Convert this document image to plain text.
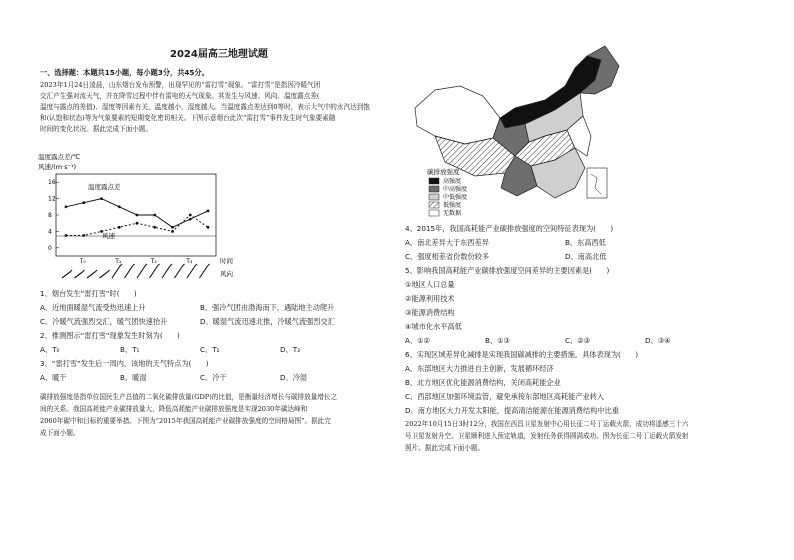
2024届高三地理试题
一、选择题：本题共15小题，每小题3分，共45分。
2023年1月24日凌晨，山东烟台发布预警，出现罕见的“雷打雪”现象。“雷打雪”是指因冷暖气团
交汇产生强对流天气，并在降雪过程中伴有雷电的天气现象。其发生与风速、风向、温度露点差(
温度与露点的差值)、湿度等因素有关，温度越小，湿度越大。当温度露点差达到0等时，表示大气中的水汽达到饱
和(认饱和状态)等为气象要素的短期变化密切相关。下图示意烟台此次“雷打雪”事件发生时气象要素随
时间的变化状况。据此完成下面小题。
温度露点差/℃
风速/(m·s⁻¹)
16
12
8
4
0
温度露点差
风速
T₀	T₁	T₂	T₃	时间
风向
1、烟台发生“雷打雪”时(　　)
A、近地面暖湿气流受热迅速上升	B、强冷气团由渤海南下，遇陆地主动爬升
C、冷暖气流强烈交汇，暖气团快速抬升	D、暖湿气流迅速北推，冷暖气流强烈交汇
2、推测图示“雷打雪”现象发生时刻为(　　)
A、T₀	B、T₁	C、T₂	D、T₃
3、“雷打雪”发生后一周内，该地的天气特点为(　　)
A、暖干	B、暖湿	C、冷干	D、冷湿
碳排放强度是指单位国民生产总值的二氧化碳排放量(GDP)的比值，是衡量经济增长与碳排放量增长之
间的关系。我国高耗能产业碳排放量大，降低高耗能产业碳排放强度是实现2030年碳达峰和
2060年碳中和目标的重要举措。下图为“2015年我国高耗能产业碳排放强度的空间格局图”。据此完
成下面小题。
碳排放强度
高强度
中高强度
中低强度
低强度
无数据
4、2015年，我国高耗能产业碳排放强度的空间特征表现为(　　)
A、南北差异大于东西差异	B、东高西低
C、强度相差省份数份较多	D、南高北低
5、影响我国高耗能产业碳排放强度空间差异的主要因素是(　　)
①地区人口总量
②能源利用技术
③能源消费结构
④城市化水平高低
A、①②	B、①③	C、②③	D、③④
6、实现区域差异化减排是实现我国碳减排的主要措施，具体表现为(　　)
A、东部地区大力推进自主创新，发展循环经济
B、北方地区优化能源消费结构，关闭高耗能企业
C、西部地区加强环境监管，避免承接东部地区高耗能产业转入
D、南方地区大力开发太阳能，提高清洁能源在能源消费结构中比重
2022年10月15日3时12分，我国在西昌卫星发射中心用长征二号丁运载火箭，成功将遥感三十六
号卫星发射升空。卫星顺利进入预定轨道，发射任务获得圆满成功。图为长征二号丁运载火箭发射
照片。据此完成下面小题。
